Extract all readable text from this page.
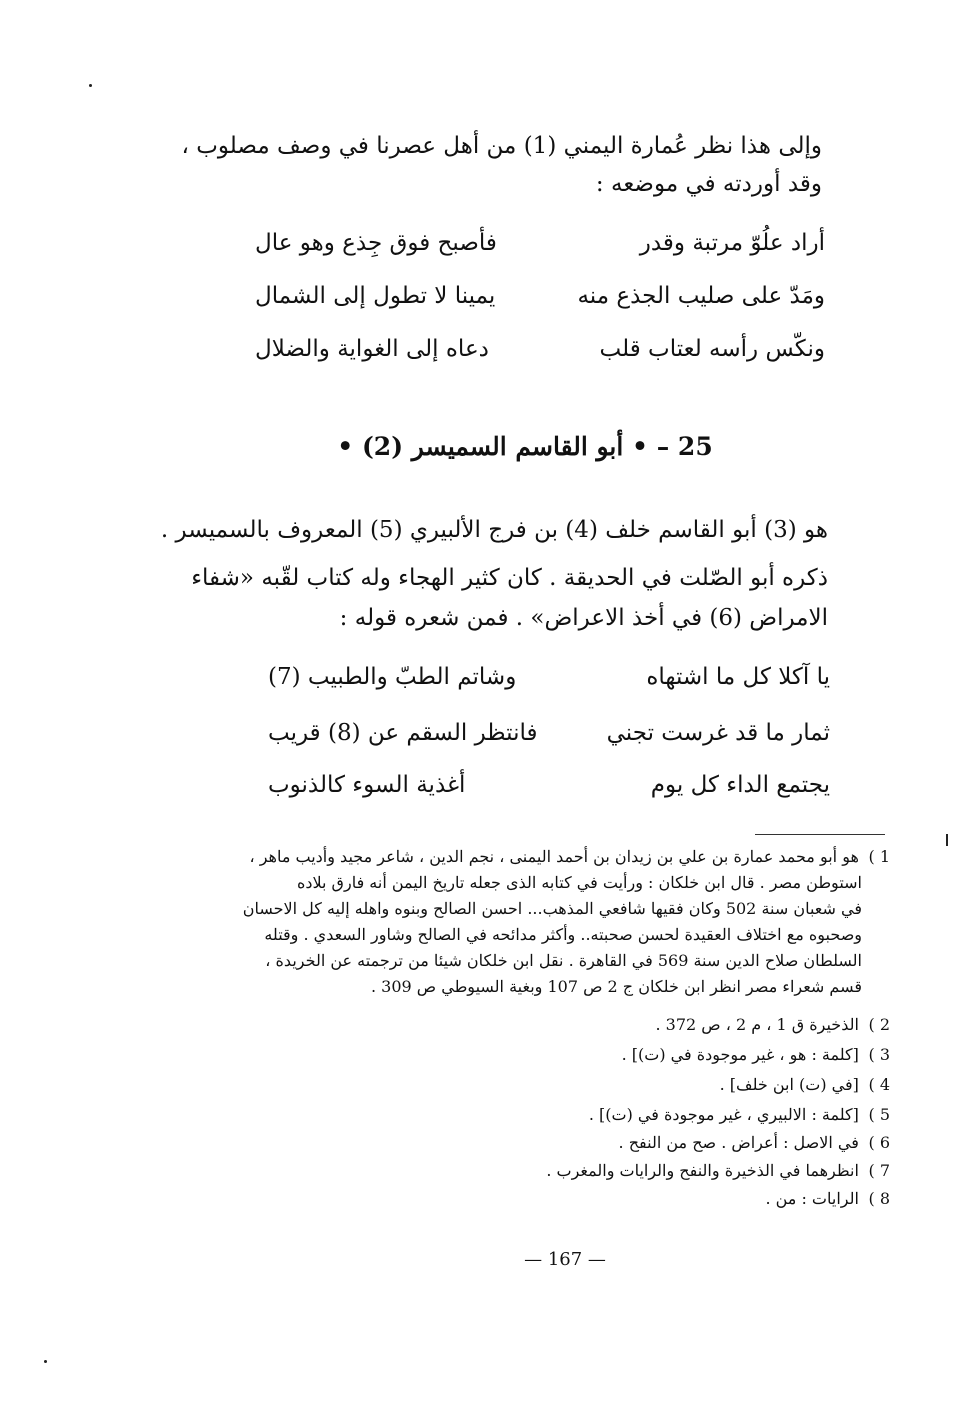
وإلى هذا نظر عُمارة اليمني (1) من أهل عصرنا في وصف مصلوب ،
وقد أوردته في موضعه :
أراد علُوّ مرتبة وقدر
فأصبح فوق جِذع وهو عال
ومَدّ على صليب الجذع منه
يمينا لا تطول إلى الشمال
ونكّس رأسه لعتاب قلب
دعاه إلى الغواية والضلال
25 – • أبو القاسم السميسر (2) •
هو (3) أبو القاسم خلف (4) بن فرج الألبيري (5) المعروف بالسميسر .
ذكره أبو الصّلت في الحديقة . كان كثير الهجاء وله كتاب لقّبه «شفاء
الامراض (6) في أخذ الاعراض» . فمن شعره قوله :
يا آكلا كل ما اشتهاه
وشاتم الطبّ والطبيب (7)
ثمار ما قد غرست تجني
فانتظر السقم عن (8) قريب
يجتمع الداء كل يوم
أغذية السوء كالذنوب
1 ) هو أبو محمد عمارة بن علي بن زيدان بن أحمد اليمنى ، نجم الدين ، شاعر مجيد وأديب ماهر ،
استوطن مصر . قال ابن خلكان : ورأيت في كتابه الذى جعله تاريخ اليمن أنه فارق بلاده
في شعبان سنة 502 وكان فقيها شافعي المذهب... احسن الصالح وبنوه واهله إليه كل الاحسان
وصحبوه مع اختلاف العقيدة لحسن صحبته.. وأكثر مدائحه في الصالح وشاور السعدي . وقتله
السلطان صلاح الدين سنة 569 في القاهرة . نقل ابن خلكان شيئا من ترجمته عن الخريدة ،
قسم شعراء مصر انظر ابن خلكان ج 2 ص 107 وبغية السيوطي ص 309 .
2 ) الذخيرة ق 1 ، م 2 ، ص 372 .
3 ) [كلمة : هو ، غير موجودة في (ت)] .
4 ) [في (ت) ابن خلف] .
5 ) [كلمة : الالبيري ، غير موجودة في (ت)] .
6 ) في الاصل : أعراض . صح من النفح .
7 ) انظرهما في الذخيرة والنفح والرايات والمغرب .
8 ) الرايات : من .
— 167 —
